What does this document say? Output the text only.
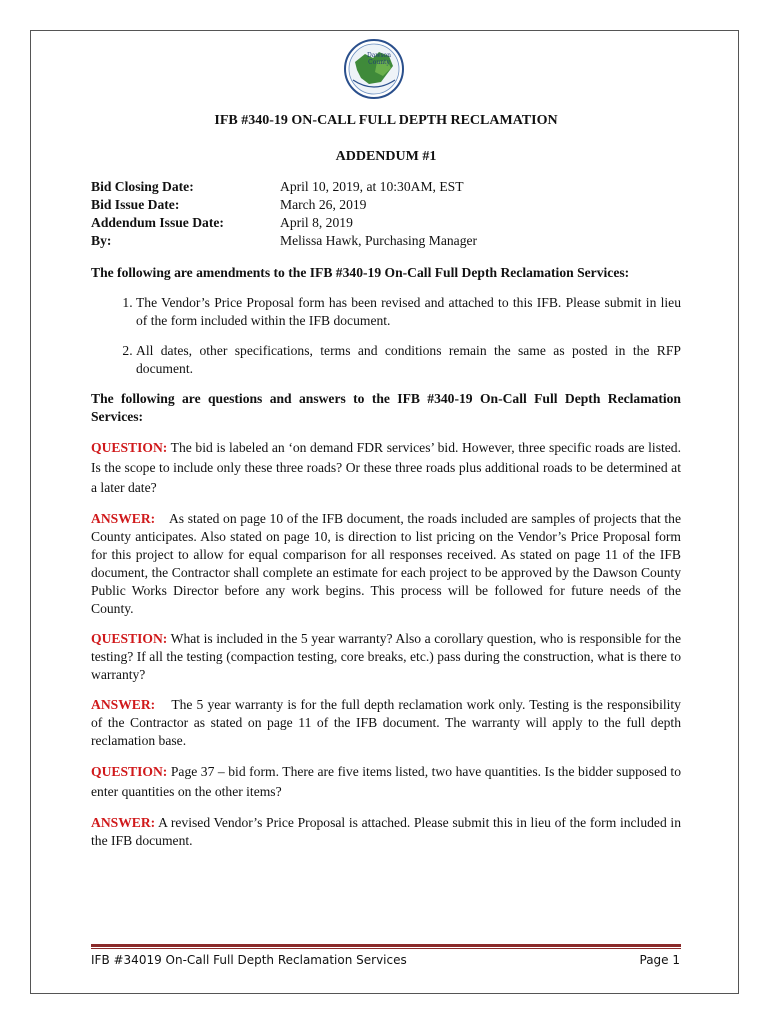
Dawson
County

IFB #340-19 ON-CALL FULL DEPTH RECLAMATION

ADDENDUM #1

Bid Closing Date:	April 10, 2019, at 10:30AM, EST
Bid Issue Date:	March 26, 2019
Addendum Issue Date:	April 8, 2019
By:	Melissa Hawk, Purchasing Manager
The following are amendments to the IFB #340-19 On-Call Full Depth Reclamation Services:
1. The Vendor’s Price Proposal form has been revised and attached to this IFB. Please submit in lieu of the form included within the IFB document.
2. All dates, other specifications, terms and conditions remain the same as posted in the RFP document.
The following are questions and answers to the IFB #340-19 On-Call Full Depth Reclamation Services:
QUESTION: The bid is labeled an ‘on demand FDR services’ bid. However, three specific roads are listed. Is the scope to include only these three roads? Or these three roads plus additional roads to be determined at a later date?
ANSWER: As stated on page 10 of the IFB document, the roads included are samples of projects that the County anticipates. Also stated on page 10, is direction to list pricing on the Vendor’s Price Proposal form for this project to allow for equal comparison for all responses received. As stated on page 11 of the IFB document, the Contractor shall complete an estimate for each project to be approved by the Dawson County Public Works Director before any work begins. This process will be followed for future needs of the County.
QUESTION: What is included in the 5 year warranty? Also a corollary question, who is responsible for the testing? If all the testing (compaction testing, core breaks, etc.) pass during the construction, what is there to warranty?
ANSWER: The 5 year warranty is for the full depth reclamation work only. Testing is the responsibility of the Contractor as stated on page 11 of the IFB document. The warranty will apply to the full depth reclamation base.
QUESTION: Page 37 – bid form. There are five items listed, two have quantities. Is the bidder supposed to enter quantities on the other items?
ANSWER: A revised Vendor’s Price Proposal is attached. Please submit this in lieu of the form included in the IFB document.
IFB #34019 On-Call Full Depth Reclamation Services	Page 1
